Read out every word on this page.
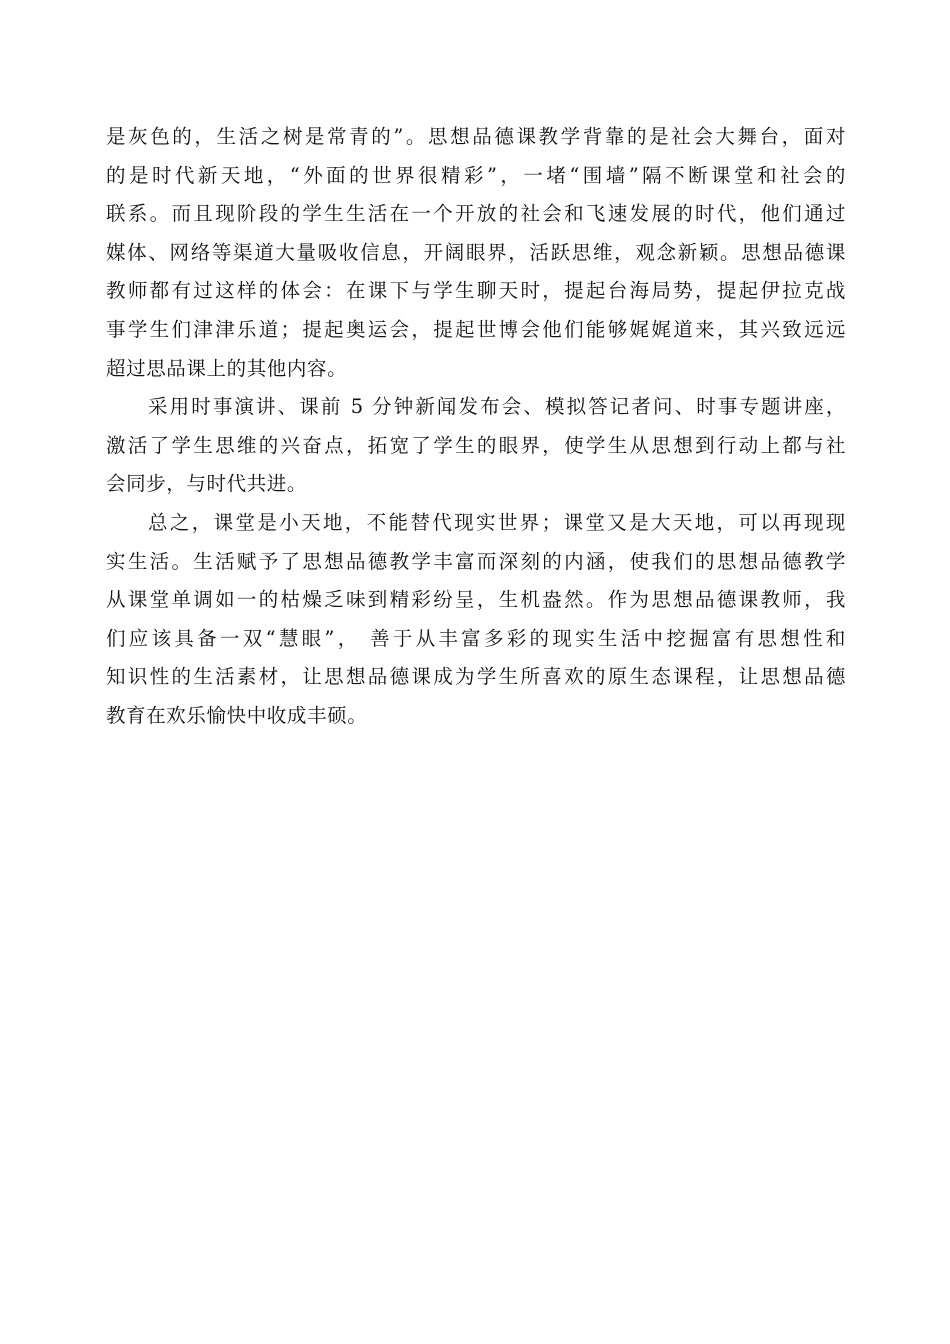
是灰色的，生活之树是常青的”。思想品德课教学背靠的是社会大舞台，面对
的是时代新天地，“外面的世界很精彩”，一堵“围墙”隔不断课堂和社会的
联系。而且现阶段的学生生活在一个开放的社会和飞速发展的时代，他们通过
媒体、网络等渠道大量吸收信息，开阔眼界，活跃思维，观念新颖。思想品德课
教师都有过这样的体会：在课下与学生聊天时，提起台海局势，提起伊拉克战
事学生们津津乐道；提起奥运会，提起世博会他们能够娓娓道来，其兴致远远
超过思品课上的其他内容。

采用时事演讲、课前 5 分钟新闻发布会、模拟答记者问、时事专题讲座，
激活了学生思维的兴奋点，拓宽了学生的眼界，使学生从思想到行动上都与社
会同步，与时代共进。

总之，课堂是小天地，不能替代现实世界；课堂又是大天地，可以再现现
实生活。生活赋予了思想品德教学丰富而深刻的内涵，使我们的思想品德教学
从课堂单调如一的枯燥乏味到精彩纷呈，生机盎然。作为思想品德课教师，我
们应该具备一双“慧眼”， 善于从丰富多彩的现实生活中挖掘富有思想性和
知识性的生活素材，让思想品德课成为学生所喜欢的原生态课程，让思想品德
教育在欢乐愉快中收成丰硕。
